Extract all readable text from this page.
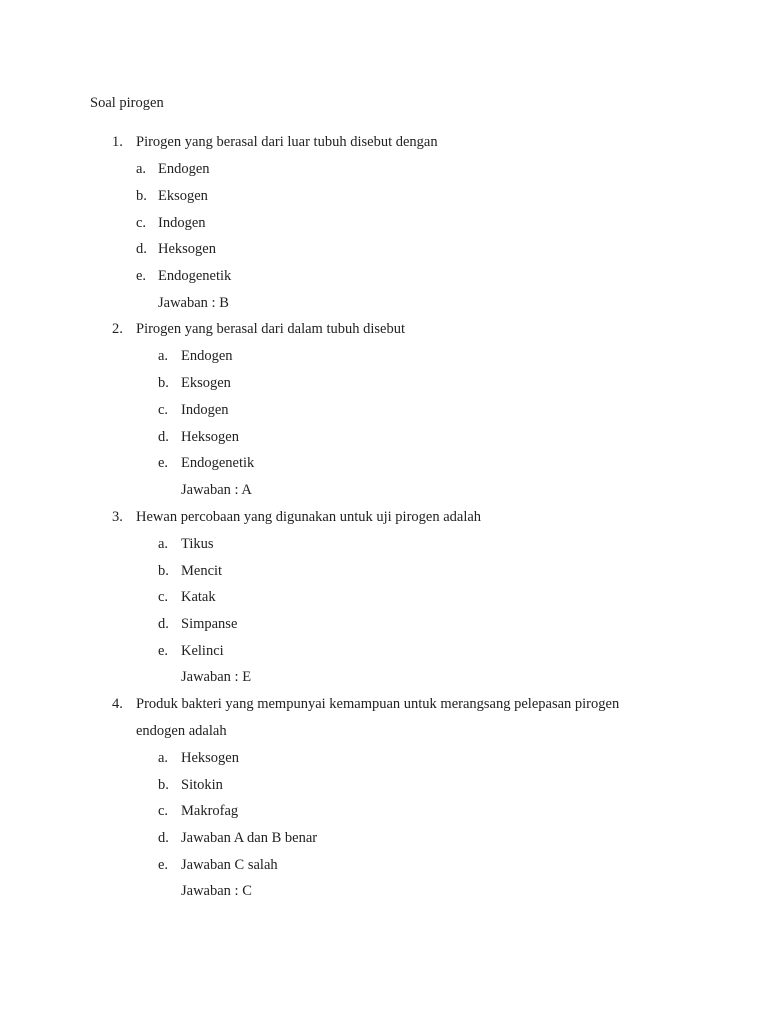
Soal pirogen
1. Pirogen yang berasal dari luar tubuh disebut dengan
a. Endogen
b. Eksogen
c. Indogen
d. Heksogen
e. Endogenetik
Jawaban : B
2. Pirogen yang berasal dari dalam tubuh disebut
a. Endogen
b. Eksogen
c. Indogen
d. Heksogen
e. Endogenetik
Jawaban : A
3. Hewan percobaan yang digunakan untuk uji pirogen adalah
a. Tikus
b. Mencit
c. Katak
d. Simpanse
e. Kelinci
Jawaban : E
4. Produk bakteri yang mempunyai kemampuan untuk merangsang pelepasan pirogen
endogen adalah
a. Heksogen
b. Sitokin
c. Makrofag
d. Jawaban A dan B benar
e. Jawaban C salah
Jawaban : C
